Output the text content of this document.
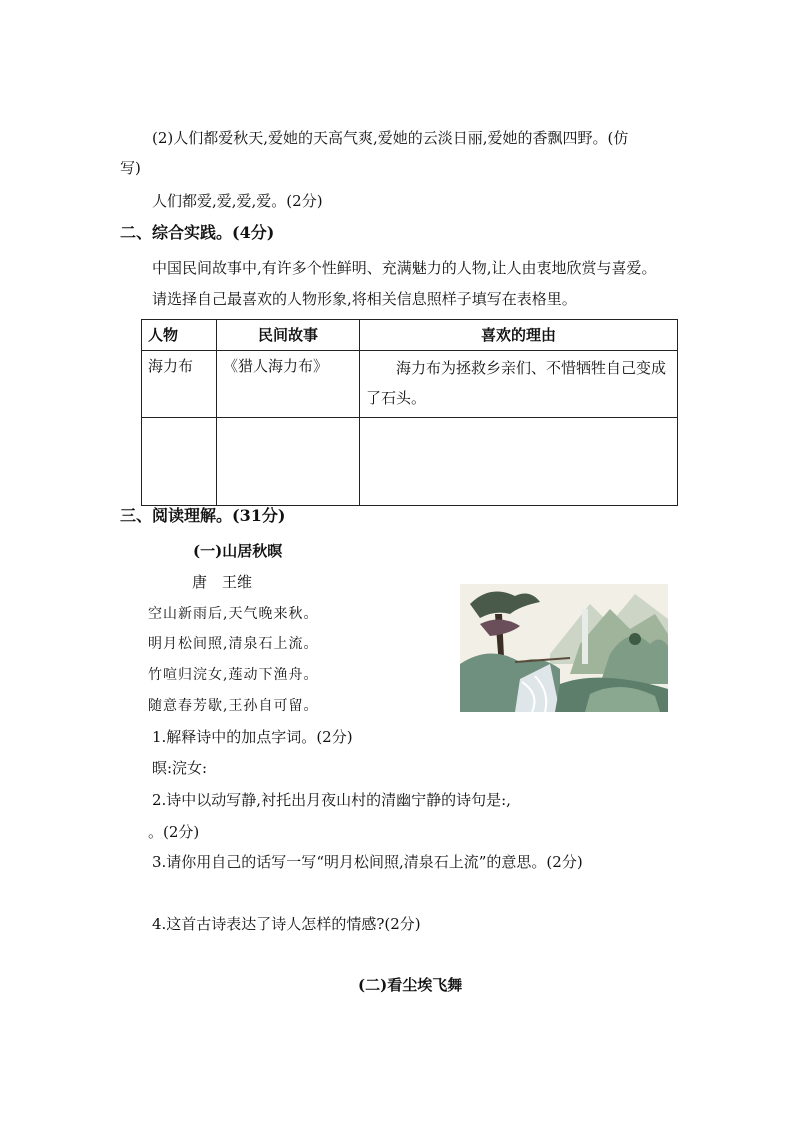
(2)人们都爱秋天,爱她的天高气爽,爱她的云淡日丽,爱她的香飘四野。(仿
写)
人们都爱,爱,爱,爱。(2分)
二、综合实践。(4分)
中国民间故事中,有许多个性鲜明、充满魅力的人物,让人由衷地欣赏与喜爱。
请选择自己最喜欢的人物形象,将相关信息照样子填写在表格里。
人物	民间故事	喜欢的理由
海力布	《猎人海力布》	海力布为拯救乡亲们、不惜牺牲自己变成了石头。

三、阅读理解。(31分)
(一)山居秋暝
唐　王维
空山新雨后,天气晚来秋。
明月松间照,清泉石上流。
竹喧归浣女,莲动下渔舟。
随意春芳歇,王孙自可留。
1.解释诗中的加点字词。(2分)
暝:浣女:
2.诗中以动写静,衬托出月夜山村的清幽宁静的诗句是:,
。(2分)
3.请你用自己的话写一写“明月松间照,清泉石上流”的意思。(2分)
4.这首古诗表达了诗人怎样的情感?(2分)
(二)看尘埃飞舞
